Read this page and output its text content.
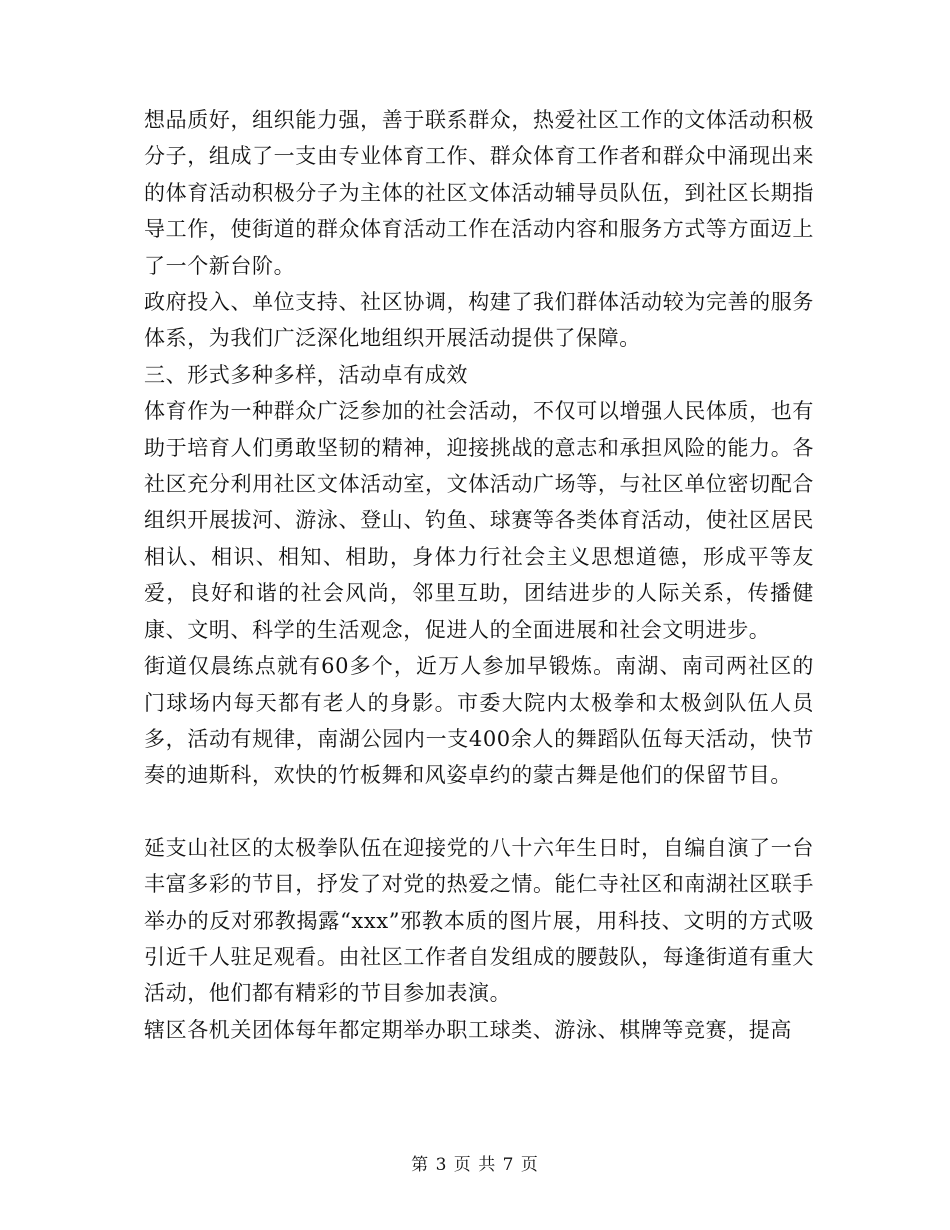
想品质好，组织能力强，善于联系群众，热爱社区工作的文体活动积极分子，组成了一支由专业体育工作、群众体育工作者和群众中涌现出来的体育活动积极分子为主体的社区文体活动辅导员队伍，到社区长期指导工作，使街道的群众体育活动工作在活动内容和服务方式等方面迈上了一个新台阶。

政府投入、单位支持、社区协调，构建了我们群体活动较为完善的服务体系，为我们广泛深化地组织开展活动提供了保障。

三、形式多种多样，活动卓有成效

体育作为一种群众广泛参加的社会活动，不仅可以增强人民体质，也有助于培育人们勇敢坚韧的精神，迎接挑战的意志和承担风险的能力。各社区充分利用社区文体活动室，文体活动广场等，与社区单位密切配合组织开展拔河、游泳、登山、钓鱼、球赛等各类体育活动，使社区居民相认、相识、相知、相助，身体力行社会主义思想道德，形成平等友爱，良好和谐的社会风尚，邻里互助，团结进步的人际关系，传播健康、文明、科学的生活观念，促进人的全面进展和社会文明进步。

街道仅晨练点就有60多个，近万人参加早锻炼。南湖、南司两社区的门球场内每天都有老人的身影。市委大院内太极拳和太极剑队伍人员多，活动有规律，南湖公园内一支400余人的舞蹈队伍每天活动，快节奏的迪斯科，欢快的竹板舞和风姿卓约的蒙古舞是他们的保留节目。

延支山社区的太极拳队伍在迎接党的八十六年生日时，自编自演了一台丰富多彩的节目，抒发了对党的热爱之情。能仁寺社区和南湖社区联手举办的反对邪教揭露“xxx”邪教本质的图片展，用科技、文明的方式吸引近千人驻足观看。由社区工作者自发组成的腰鼓队，每逢街道有重大活动，他们都有精彩的节目参加表演。

辖区各机关团体每年都定期举办职工球类、游泳、棋牌等竞赛，提高

第 3 页 共 7 页
